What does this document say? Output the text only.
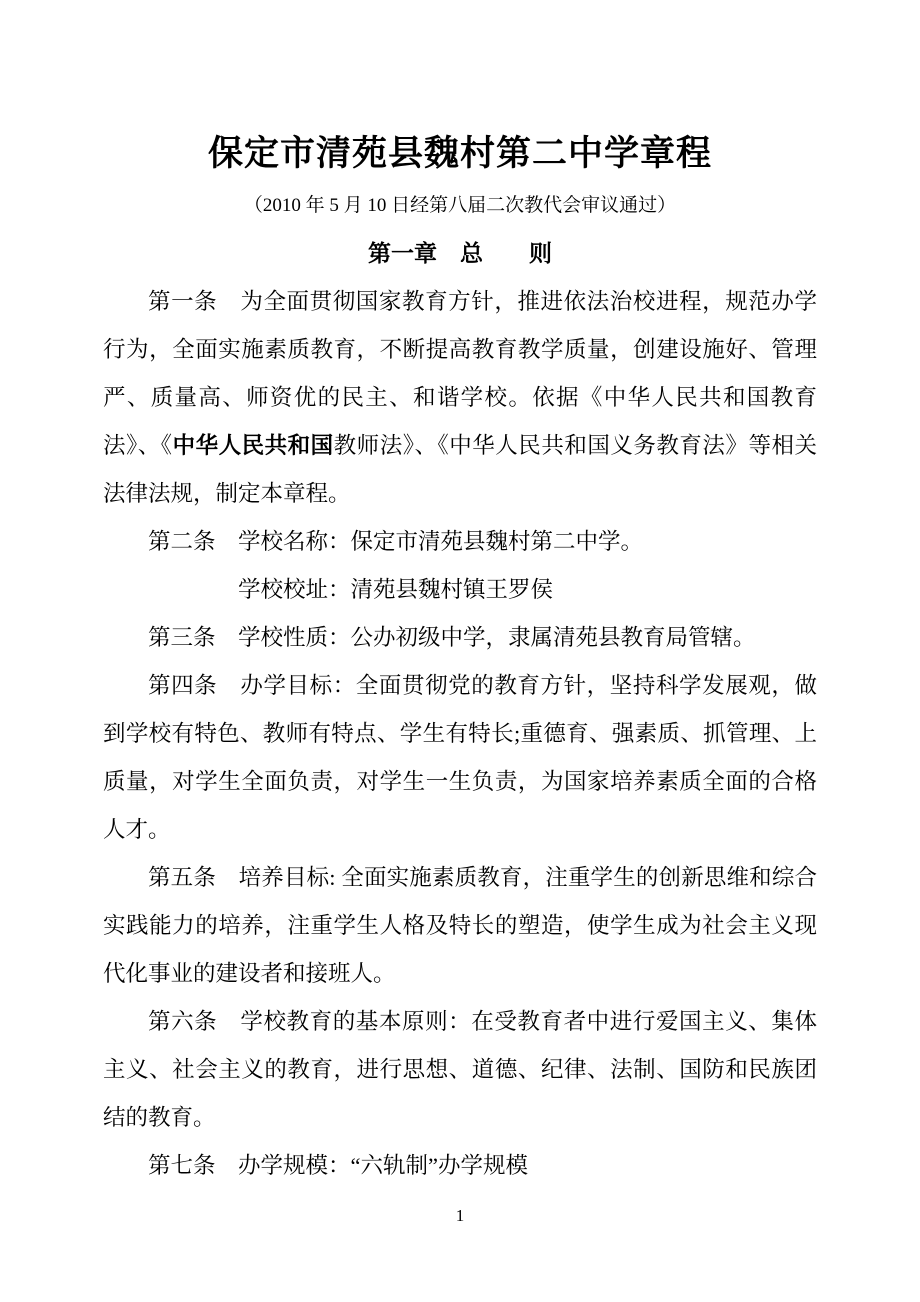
保定市清苑县魏村第二中学章程

（2010 年 5 月 10 日经第八届二次教代会审议通过）

第一章　总　　则

第一条　为全面贯彻国家教育方针，推进依法治校进程，规范办学行为，全面实施素质教育，不断提高教育教学质量，创建设施好、管理严、质量高、师资优的民主、和谐学校。依据《中华人民共和国教育法》、《中华人民共和国教师法》、《中华人民共和国义务教育法》等相关法律法规，制定本章程。

第二条　学校名称：保定市清苑县魏村第二中学。

学校校址：清苑县魏村镇王罗侯

第三条　学校性质：公办初级中学，隶属清苑县教育局管辖。

第四条　办学目标：全面贯彻党的教育方针，坚持科学发展观，做到学校有特色、教师有特点、学生有特长;重德育、强素质、抓管理、上质量，对学生全面负责，对学生一生负责，为国家培养素质全面的合格人才。

第五条　培养目标: 全面实施素质教育，注重学生的创新思维和综合实践能力的培养，注重学生人格及特长的塑造，使学生成为社会主义现代化事业的建设者和接班人。

第六条　学校教育的基本原则：在受教育者中进行爱国主义、集体主义、社会主义的教育，进行思想、道德、纪律、法制、国防和民族团结的教育。

第七条　办学规模：“六轨制”办学规模

1
